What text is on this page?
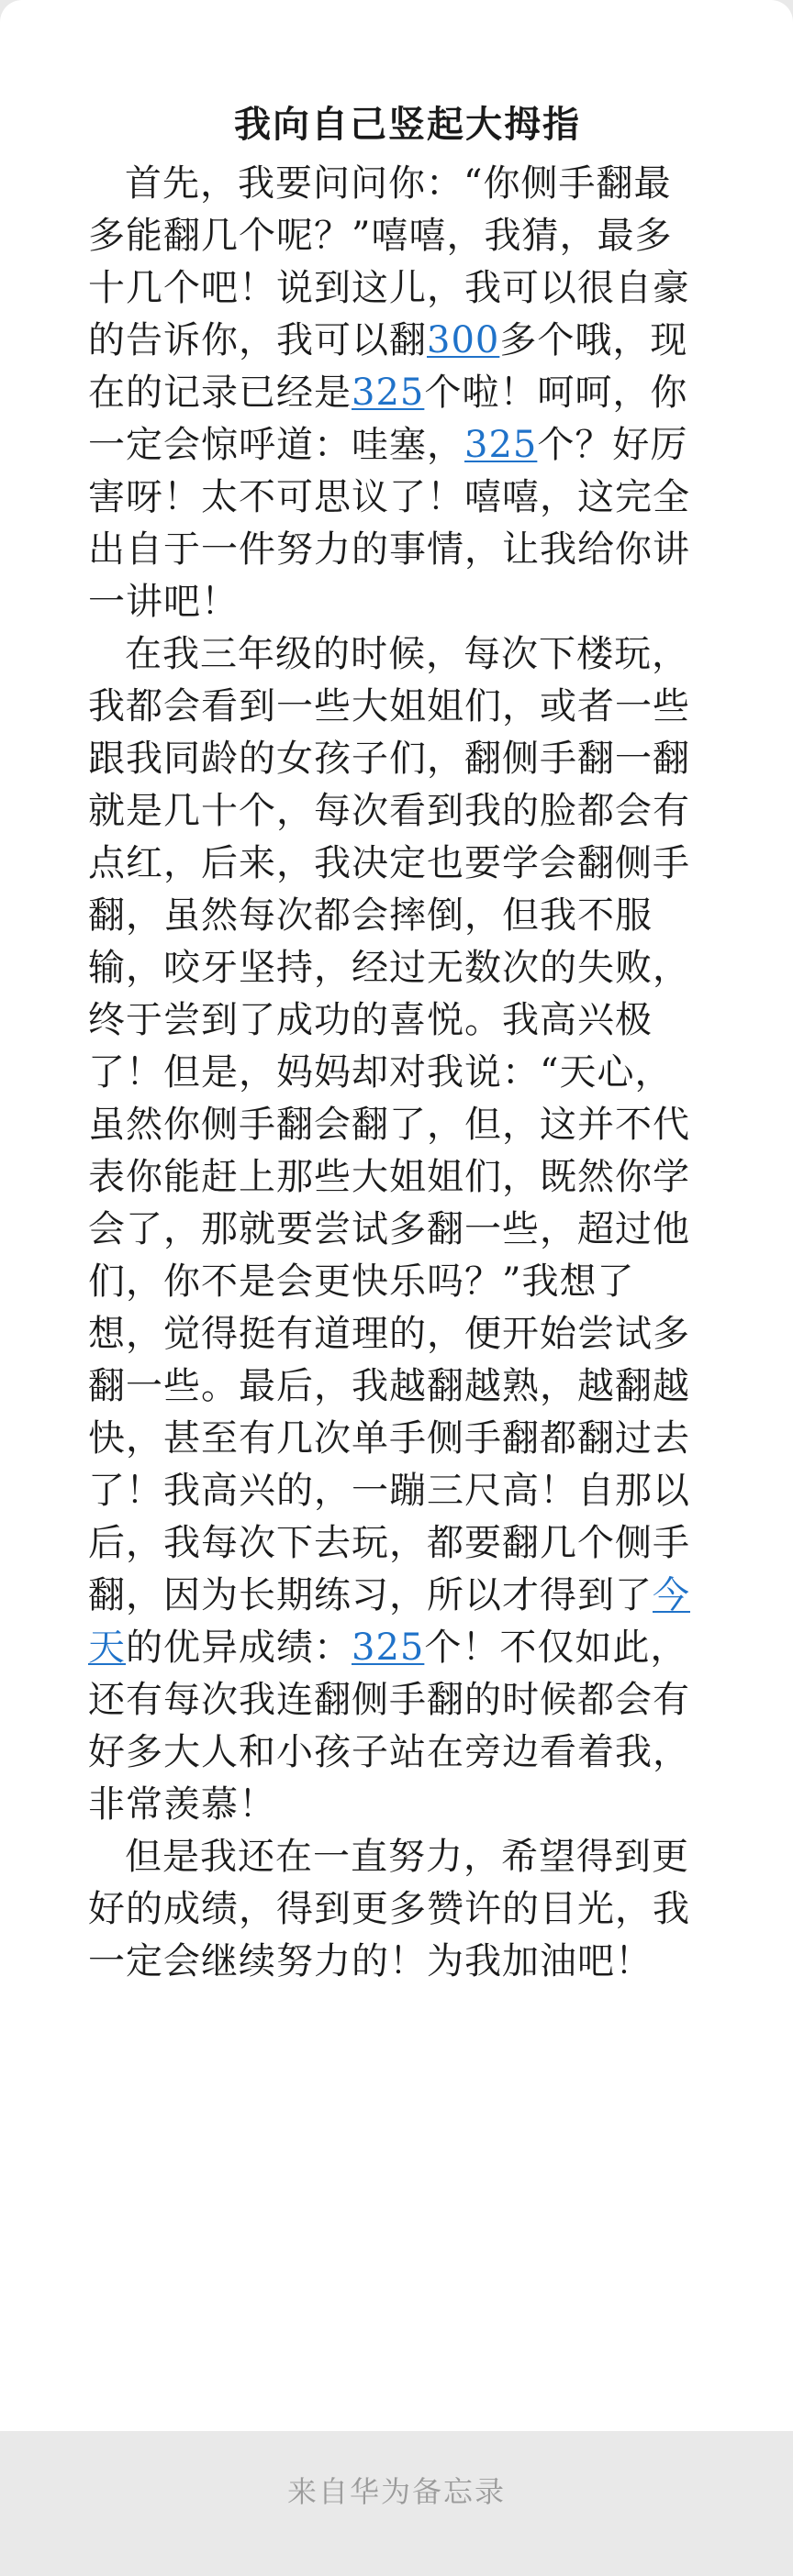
我向自己竖起大拇指

首先，我要问问你：“你侧手翻最多能翻几个呢？”嘻嘻，我猜，最多十几个吧！说到这儿，我可以很自豪的告诉你，我可以翻300多个哦，现在的记录已经是325个啦！呵呵，你一定会惊呼道：哇塞，325个？好厉害呀！太不可思议了！嘻嘻，这完全出自于一件努力的事情，让我给你讲一讲吧！

在我三年级的时候，每次下楼玩，我都会看到一些大姐姐们，或者一些跟我同龄的女孩子们，翻侧手翻一翻就是几十个，每次看到我的脸都会有点红，后来，我决定也要学会翻侧手翻，虽然每次都会摔倒，但我不服输，咬牙坚持，经过无数次的失败，终于尝到了成功的喜悦。我高兴极了！但是，妈妈却对我说：“天心，虽然你侧手翻会翻了，但，这并不代表你能赶上那些大姐姐们，既然你学会了，那就要尝试多翻一些，超过他们，你不是会更快乐吗？”我想了想，觉得挺有道理的，便开始尝试多翻一些。最后，我越翻越熟，越翻越快，甚至有几次单手侧手翻都翻过去了！我高兴的，一蹦三尺高！自那以后，我每次下去玩，都要翻几个侧手翻，因为长期练习，所以才得到了今天的优异成绩：325个！不仅如此，还有每次我连翻侧手翻的时候都会有好多大人和小孩子站在旁边看着我，非常羡慕！

但是我还在一直努力，希望得到更好的成绩，得到更多赞许的目光，我一定会继续努力的！为我加油吧！

来自华为备忘录
